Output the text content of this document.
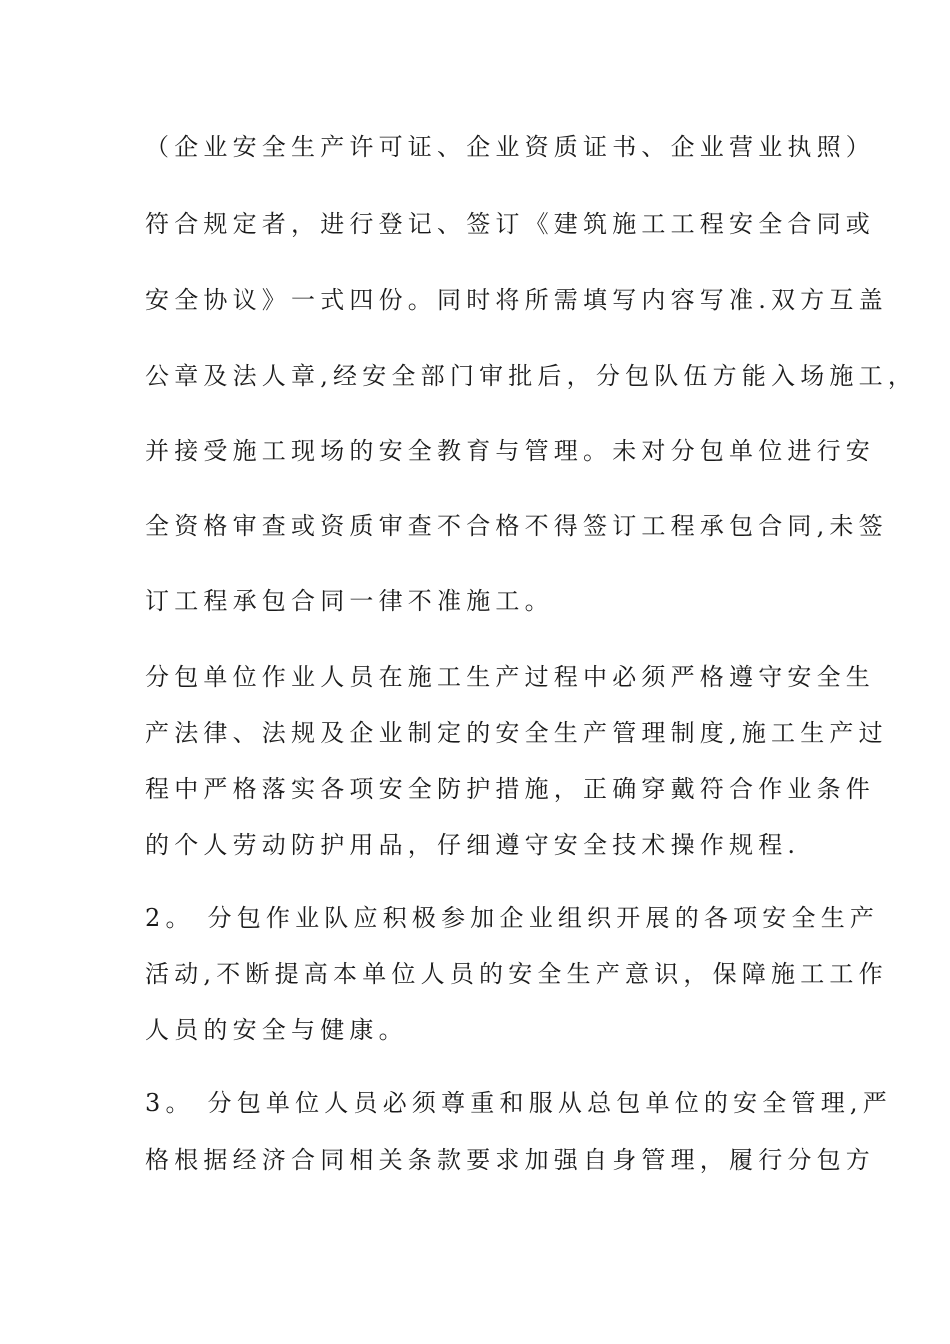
（企业安全生产许可证、企业资质证书、企业营业执照）
符合规定者，进行登记、签订《建筑施工工程安全合同或
安全协议》一式四份。同时将所需填写内容写准.双方互盖
公章及法人章,经安全部门审批后，分包队伍方能入场施工，
并接受施工现场的安全教育与管理。未对分包单位进行安
全资格审查或资质审查不合格不得签订工程承包合同,未签
订工程承包合同一律不准施工。
分包单位作业人员在施工生产过程中必须严格遵守安全生
产法律、法规及企业制定的安全生产管理制度,施工生产过
程中严格落实各项安全防护措施，正确穿戴符合作业条件
的个人劳动防护用品，仔细遵守安全技术操作规程.
2。 分包作业队应积极参加企业组织开展的各项安全生产
活动,不断提高本单位人员的安全生产意识，保障施工工作
人员的安全与健康。
3。 分包单位人员必须尊重和服从总包单位的安全管理,严
格根据经济合同相关条款要求加强自身管理，履行分包方
